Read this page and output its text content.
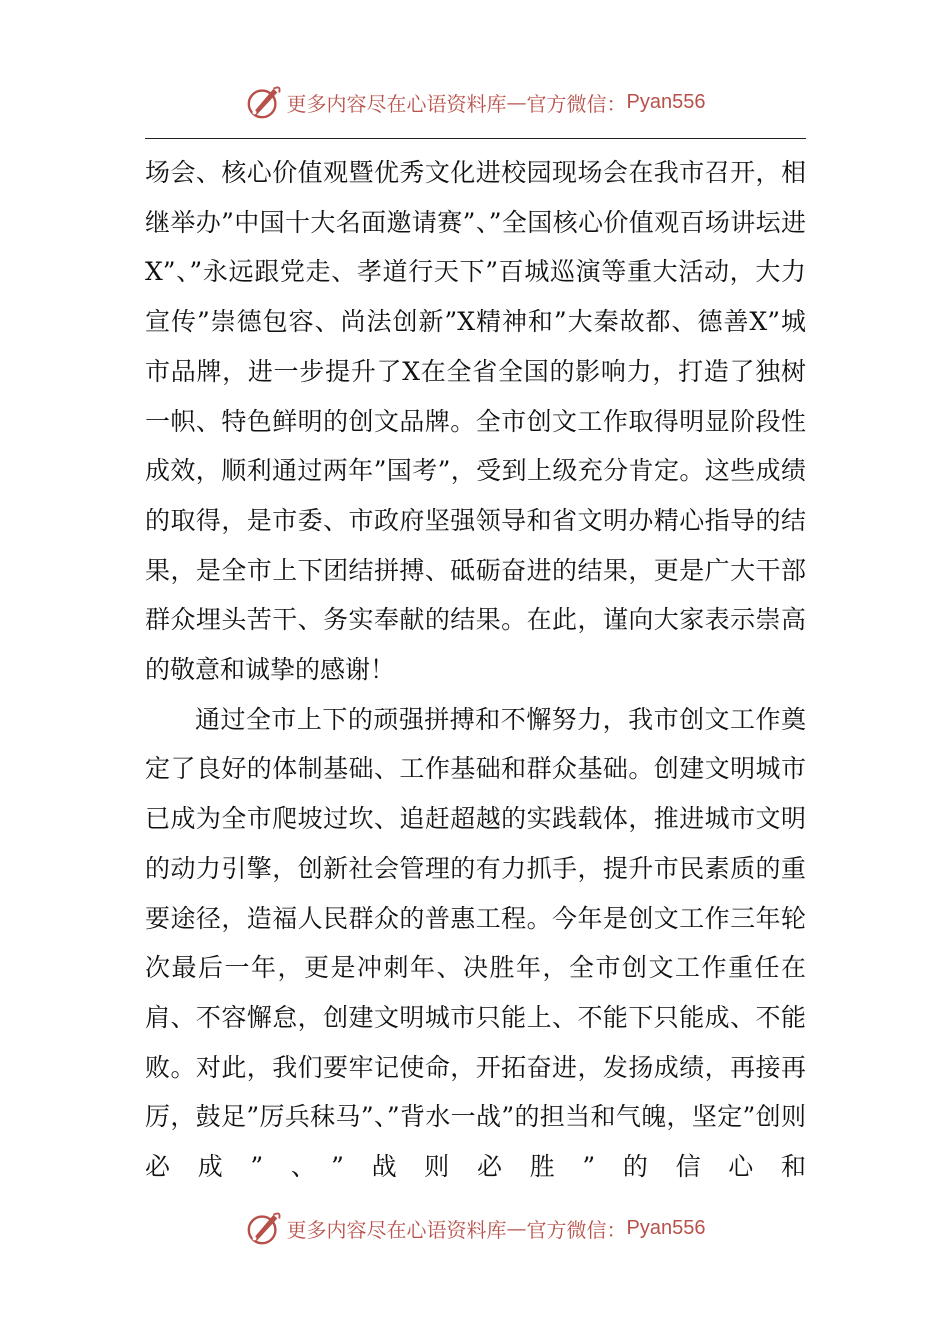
更多内容尽在心语资料库 — 官方微信： Pyan556

场会、核心价值观暨优秀文化进校园现场会在我市召开，相继举办”中国十大名面邀请赛”、”全国核心价值观百场讲坛进X”、”永远跟党走、孝道行天下”百城巡演等重大活动，大力宣传”崇德包容、尚法创新”X精神和”大秦故都、德善X”城市品牌，进一步提升了X在全省全国的影响力，打造了独树一帜、特色鲜明的创文品牌。全市创文工作取得明显阶段性成效，顺利通过两年”国考”，受到上级充分肯定。这些成绩的取得，是市委、市政府坚强领导和省文明办精心指导的结果，是全市上下团结拼搏、砥砺奋进的结果，更是广大干部群众埋头苦干、务实奉献的结果。在此，谨向大家表示崇高的敬意和诚挚的感谢！

通过全市上下的顽强拼搏和不懈努力，我市创文工作奠定了良好的体制基础、工作基础和群众基础。创建文明城市已成为全市爬坡过坎、追赶超越的实践载体，推进城市文明的动力引擎，创新社会管理的有力抓手，提升市民素质的重要途径，造福人民群众的普惠工程。今年是创文工作三年轮次最后一年，更是冲刺年、决胜年，全市创文工作重任在肩、不容懈怠，创建文明城市只能上、不能下只能成、不能败。对此，我们要牢记使命，开拓奋进，发扬成绩，再接再厉，鼓足”厉兵秣马”、”背水一战”的担当和气魄，坚定”创则必成”、”战则必胜”的信心和

更多内容尽在心语资料库 — 官方微信： Pyan556
